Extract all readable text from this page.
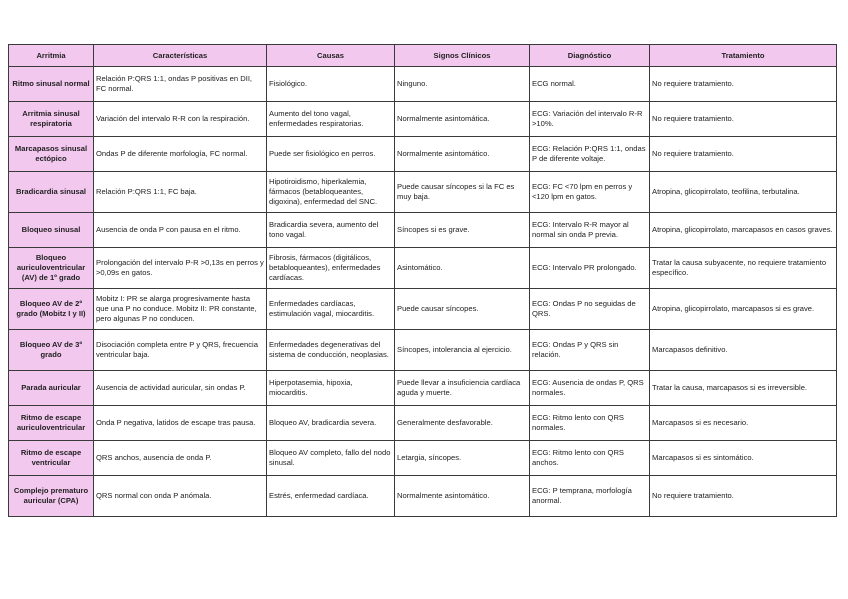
Arritmia	Características	Causas	Signos Clínicos	Diagnóstico	Tratamiento
Ritmo sinusal normal	Relación P:QRS 1:1, ondas P positivas en DII, FC normal.	Fisiológico.	Ninguno.	ECG normal.	No requiere tratamiento.
Arritmia sinusal respiratoria	Variación del intervalo R-R con la respiración.	Aumento del tono vagal, enfermedades respiratorias.	Normalmente asintomática.	ECG: Variación del intervalo R-R >10%.	No requiere tratamiento.
Marcapasos sinusal ectópico	Ondas P de diferente morfología, FC normal.	Puede ser fisiológico en perros.	Normalmente asintomático.	ECG: Relación P:QRS 1:1, ondas P de diferente voltaje.	No requiere tratamiento.
Bradicardia sinusal	Relación P:QRS 1:1, FC baja.	Hipotiroidismo, hiperkalemia, fármacos (betabloqueantes, digoxina), enfermedad del SNC.	Puede causar síncopes si la FC es muy baja.	ECG: FC <70 lpm en perros y <120 lpm en gatos.	Atropina, glicopirrolato, teofilina, terbutalina.
Bloqueo sinusal	Ausencia de onda P con pausa en el ritmo.	Bradicardia severa, aumento del tono vagal.	Síncopes si es grave.	ECG: Intervalo R-R mayor al normal sin onda P previa.	Atropina, glicopirrolato, marcapasos en casos graves.
Bloqueo auriculoventricular (AV) de 1º grado	Prolongación del intervalo P-R >0,13s en perros y >0,09s en gatos.	Fibrosis, fármacos (digitálicos, betabloqueantes), enfermedades cardíacas.	Asintomático.	ECG: Intervalo PR prolongado.	Tratar la causa subyacente, no requiere tratamiento específico.
Bloqueo AV de 2º grado (Mobitz I y II)	Mobitz I: PR se alarga progresivamente hasta que una P no conduce. Mobitz II: PR constante, pero algunas P no conducen.	Enfermedades cardíacas, estimulación vagal, miocarditis.	Puede causar síncopes.	ECG: Ondas P no seguidas de QRS.	Atropina, glicopirrolato, marcapasos si es grave.
Bloqueo AV de 3º grado	Disociación completa entre P y QRS, frecuencia ventricular baja.	Enfermedades degenerativas del sistema de conducción, neoplasias.	Síncopes, intolerancia al ejercicio.	ECG: Ondas P y QRS sin relación.	Marcapasos definitivo.
Parada auricular	Ausencia de actividad auricular, sin ondas P.	Hiperpotasemia, hipoxia, miocarditis.	Puede llevar a insuficiencia cardíaca aguda y muerte.	ECG: Ausencia de ondas P, QRS normales.	Tratar la causa, marcapasos si es irreversible.
Ritmo de escape auriculoventricular	Onda P negativa, latidos de escape tras pausa.	Bloqueo AV, bradicardia severa.	Generalmente desfavorable.	ECG: Ritmo lento con QRS normales.	Marcapasos si es necesario.
Ritmo de escape ventricular	QRS anchos, ausencia de onda P.	Bloqueo AV completo, fallo del nodo sinusal.	Letargia, síncopes.	ECG: Ritmo lento con QRS anchos.	Marcapasos si es sintomático.
Complejo prematuro auricular (CPA)	QRS normal con onda P anómala.	Estrés, enfermedad cardíaca.	Normalmente asintomático.	ECG: P temprana, morfología anormal.	No requiere tratamiento.
